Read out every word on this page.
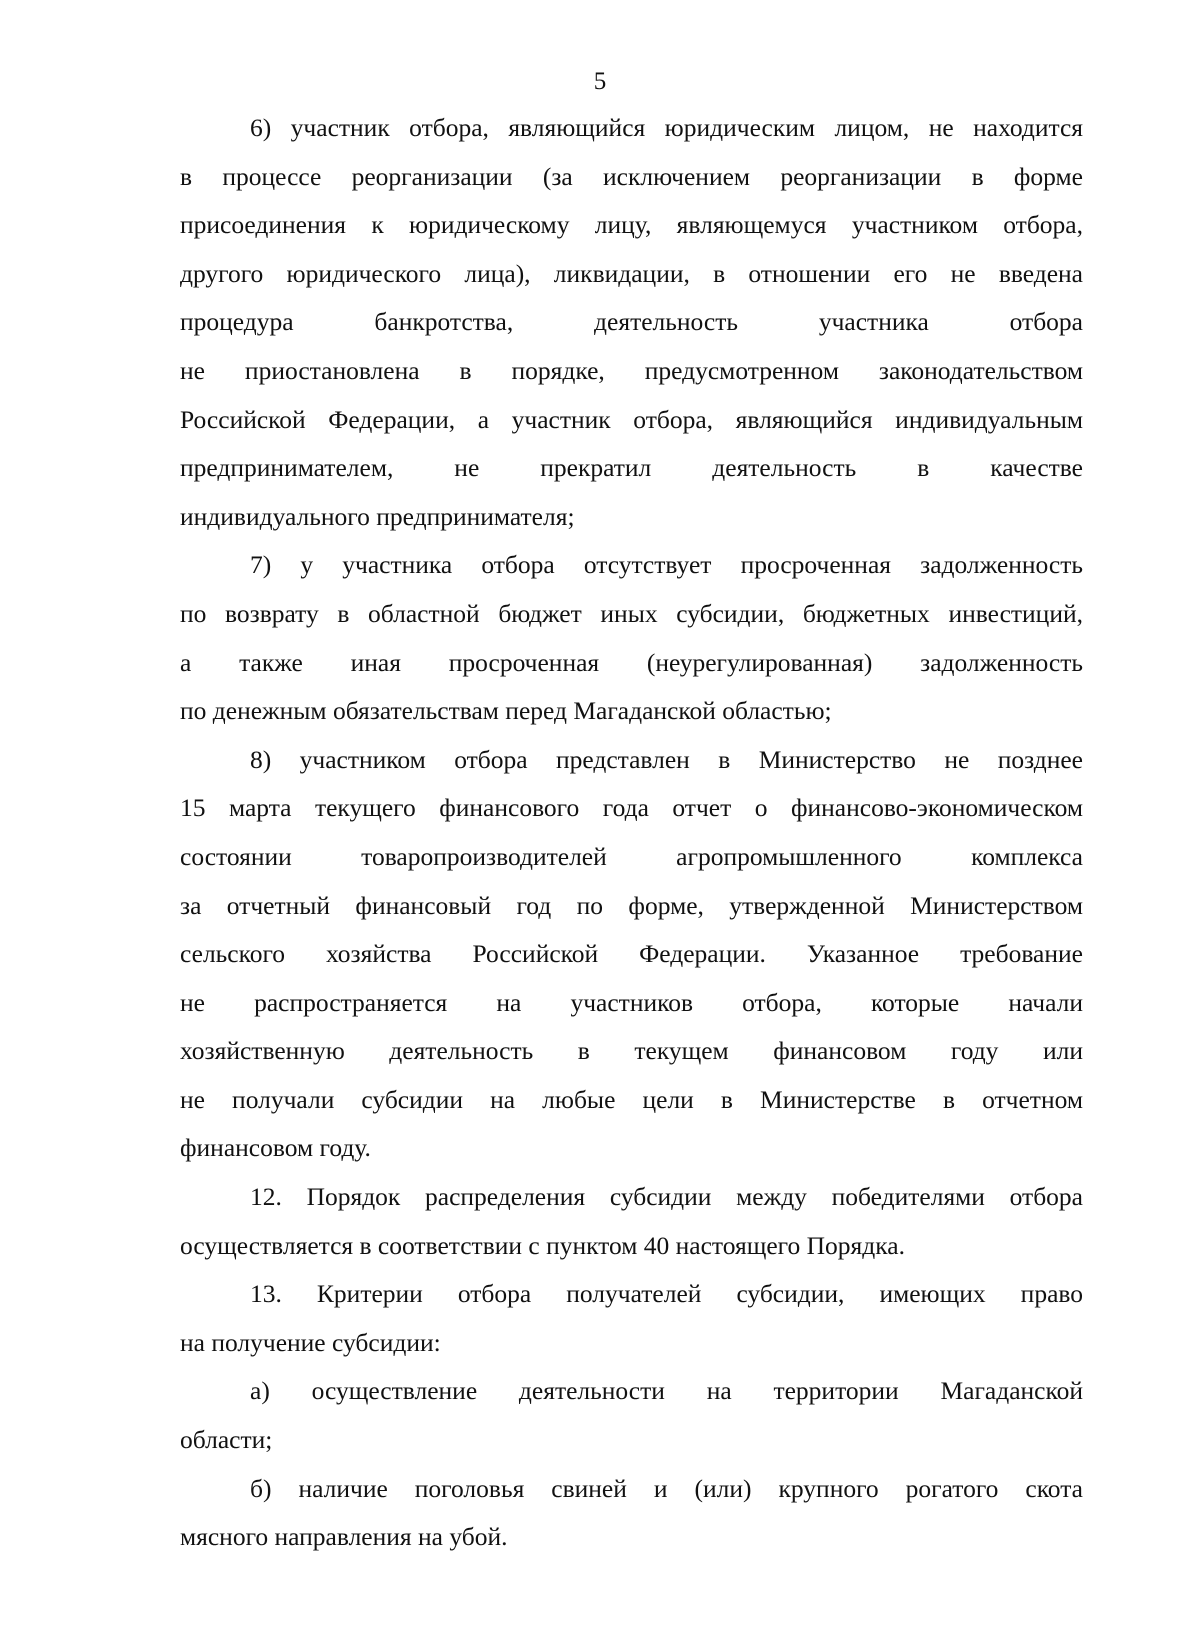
5
6) участник отбора, являющийся юридическим лицом, не находится
в процессе реорганизации (за исключением реорганизации в форме
присоединения к юридическому лицу, являющемуся участником отбора,
другого юридического лица), ликвидации, в отношении его не введена
процедура банкротства, деятельность участника отбора
не приостановлена в порядке, предусмотренном законодательством
Российской Федерации, а участник отбора, являющийся индивидуальным
предпринимателем, не прекратил деятельность в качестве
индивидуального предпринимателя;
7) у участника отбора отсутствует просроченная задолженность
по возврату в областной бюджет иных субсидии, бюджетных инвестиций,
а также иная просроченная (неурегулированная) задолженность
по денежным обязательствам перед Магаданской областью;
8) участником отбора представлен в Министерство не позднее
15 марта текущего финансового года отчет о финансово-экономическом
состоянии товаропроизводителей агропромышленного комплекса
за отчетный финансовый год по форме, утвержденной Министерством
сельского хозяйства Российской Федерации. Указанное требование
не распространяется на участников отбора, которые начали
хозяйственную деятельность в текущем финансовом году или
не получали субсидии на любые цели в Министерстве в отчетном
финансовом году.
12. Порядок распределения субсидии между победителями отбора
осуществляется в соответствии с пунктом 40 настоящего Порядка.
13. Критерии отбора получателей субсидии, имеющих право
на получение субсидии:
а) осуществление деятельности на территории Магаданской
области;
б) наличие поголовья свиней и (или) крупного рогатого скота
мясного направления на убой.
